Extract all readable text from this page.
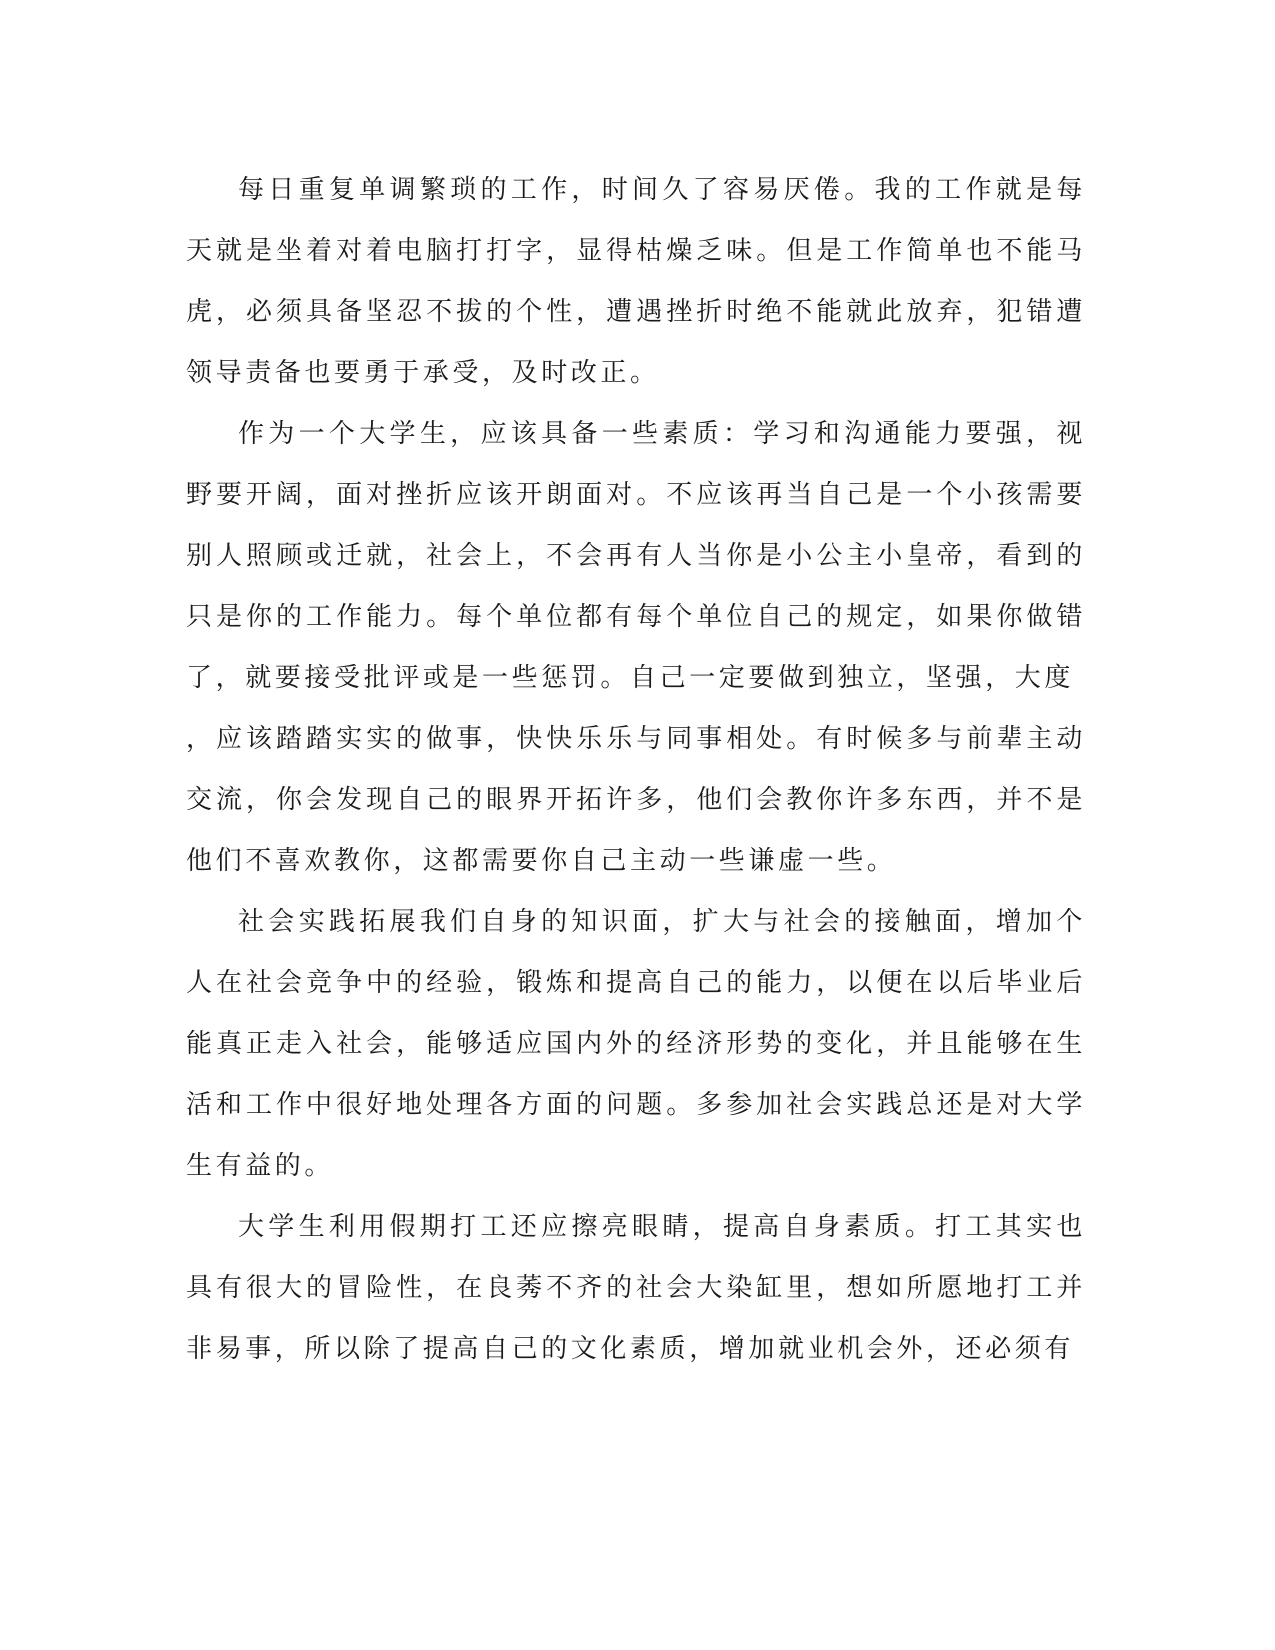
每日重复单调繁琐的工作，时间久了容易厌倦。我的工作就是每天就是坐着对着电脑打打字，显得枯燥乏味。但是工作简单也不能马虎，必须具备坚忍不拔的个性，遭遇挫折时绝不能就此放弃，犯错遭领导责备也要勇于承受，及时改正。

作为一个大学生，应该具备一些素质：学习和沟通能力要强，视野要开阔，面对挫折应该开朗面对。不应该再当自己是一个小孩需要别人照顾或迁就，社会上，不会再有人当你是小公主小皇帝，看到的只是你的工作能力。每个单位都有每个单位自己的规定，如果你做错了，就要接受批评或是一些惩罚。自己一定要做到独立，坚强，大度

，应该踏踏实实的做事，快快乐乐与同事相处。有时候多与前辈主动交流，你会发现自己的眼界开拓许多，他们会教你许多东西，并不是他们不喜欢教你，这都需要你自己主动一些谦虚一些。

社会实践拓展我们自身的知识面，扩大与社会的接触面，增加个人在社会竞争中的经验，锻炼和提高自己的能力，以便在以后毕业后能真正走入社会，能够适应国内外的经济形势的变化，并且能够在生活和工作中很好地处理各方面的问题。多参加社会实践总还是对大学生有益的。

大学生利用假期打工还应擦亮眼睛，提高自身素质。打工其实也具有很大的冒险性，在良莠不齐的社会大染缸里，想如所愿地打工并非易事，所以除了提高自己的文化素质，增加就业机会外，还必须有
